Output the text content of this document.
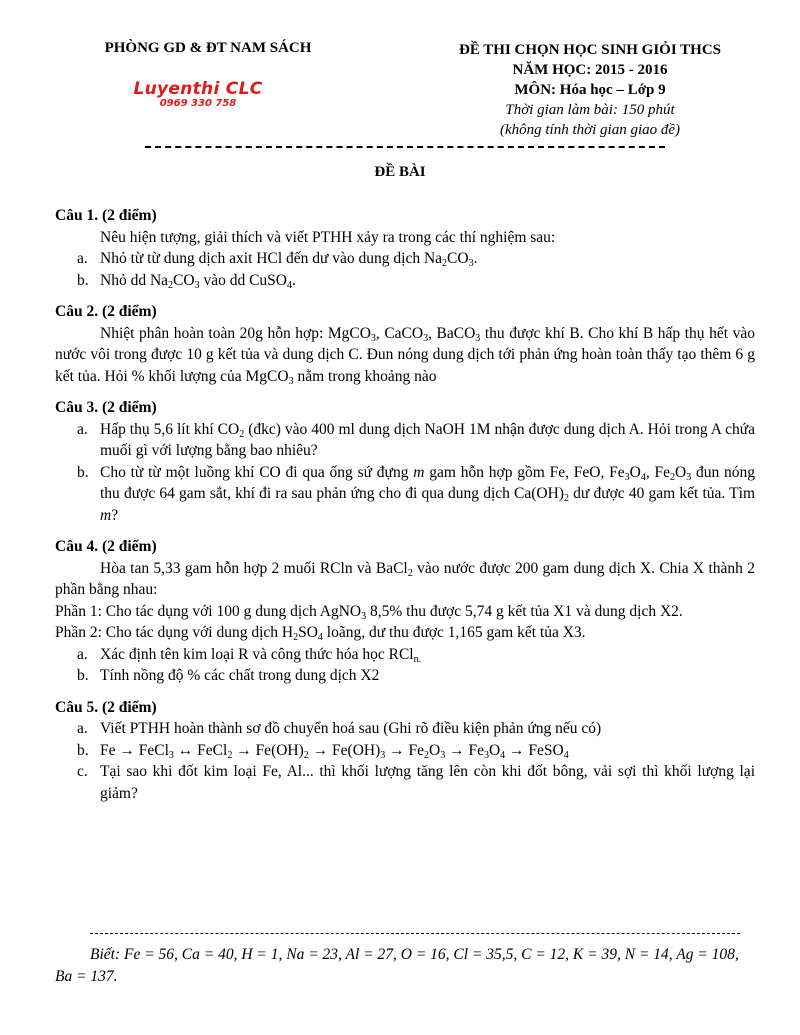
PHÒNG GD & ĐT NAM SÁCH
Luyenthi CLC
0969 330 758
ĐỀ THI CHỌN HỌC SINH GIỎI THCS
NĂM HỌC: 2015 - 2016
MÔN: Hóa học – Lớp 9
Thời gian làm bài: 150 phút
(không tính thời gian giao đề)
ĐỀ BÀI

Câu 1. (2 điểm)

Nêu hiện tượng, giải thích và viết PTHH xảy ra trong các thí nghiệm sau:

a. Nhỏ từ từ dung dịch axit HCl đến dư vào dung dịch $Na_2CO_3$.
b. Nhỏ dd $Na_2CO_3$ vào dd CuSO$_4$.

Câu 2. (2 điểm)

Nhiệt phân hoàn toàn 20g hỗn hợp: MgCO$_3$, CaCO$_3$, BaCO$_3$ thu được khí B. Cho khí B hấp thụ hết vào nước vôi trong được 10 g kết tủa và dung dịch C. Đun nóng dung dịch tới phản ứng hoàn toàn thấy tạo thêm 6 g kết tủa. Hỏi % khối lượng của MgCO$_3$ nằm trong khoảng nào

Câu 3. (2 điểm)

a. Hấp thụ 5,6 lít khí $CO_2$ (đkc) vào 400 ml dung dịch NaOH 1M nhận được dung dịch A. Hỏi trong A chứa muối gì với lượng bằng bao nhiêu?
b. Cho từ từ một luồng khí CO đi qua ống sứ đựng m gam hỗn hợp gồm Fe, FeO, $Fe_3O_4$, $Fe_2O_3$ đun nóng thu được 64 gam sắt, khí đi ra sau phản ứng cho đi qua dung dịch $Ca(OH)_2$ dư được 40 gam kết tủa. Tìm m?

Câu 4. (2 điểm)

Hòa tan 5,33 gam hỗn hợp 2 muối RCln và BaCl$_2$ vào nước được 200 gam dung dịch X. Chia X thành 2 phần bằng nhau:

Phần 1: Cho tác dụng với 100 g dung dịch AgNO$_3$ 8,5% thu được 5,74 g kết tủa X1 và dung dịch X2.

Phần 2: Cho tác dụng với dung dịch $H_2SO_4$ loãng, dư thu được 1,165 gam kết tủa X3.

a. Xác định tên kim loại R và công thức hóa học RCl$_{n.}$
b. Tính nồng độ % các chất trong dung dịch X2

Câu 5. (2 điểm)

a. Viết PTHH hoàn thành sơ đồ chuyển hoá sau (Ghi rõ điều kiện phản ứng nếu có)
b. Fe → FeCl$_3$ ↔ FeCl$_2$ → $Fe(OH)_2 \to Fe(OH)_3 \to Fe_2O_3 \to Fe_3O_4$ → FeSO$_4$
c. Tại sao khi đốt kim loại Fe, Al... thì khối lượng tăng lên còn khi đốt bông, vải sợi thì khối lượng lại giảm?
Biết: Fe = 56, Ca = 40, H = 1, Na = 23, Al = 27, O = 16, Cl = 35,5, C = 12, K = 39, N = 14, Ag = 108, Ba = 137.
